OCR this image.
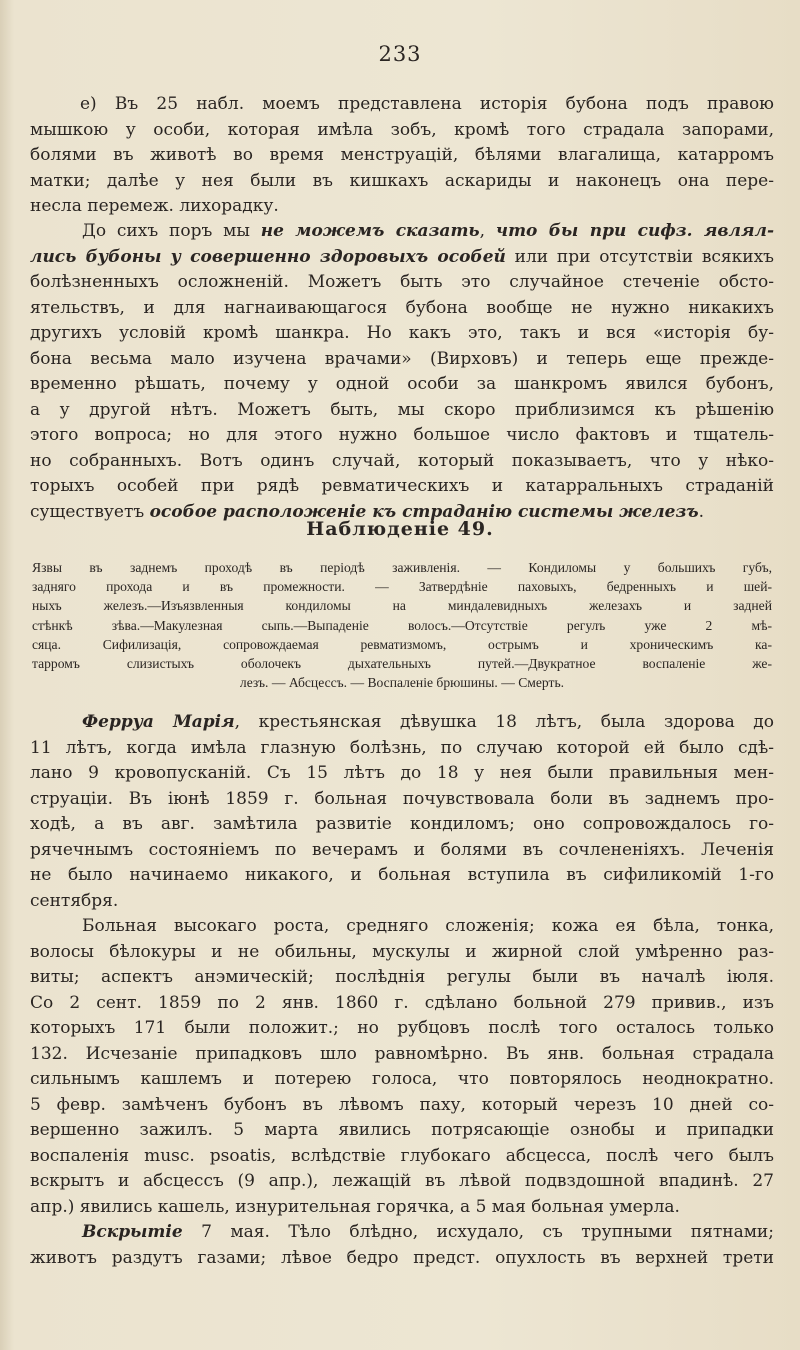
233
е) Въ 25 набл. моемъ представлена исторія бубона подъ правою
мышкою у особи, которая имѣла зобъ, кромѣ того страдала запорами,
болями въ животѣ во время менструацій, бѣлями влагалища, катарромъ
матки; далѣе у нея были въ кишкахъ аскариды и наконецъ она пере-
несла перемеж. лихорадку.
До сихъ поръ мы не можемъ сказать, что бы при сифз. являл-
лись бубоны у совершенно здоровыхъ особей или при отсутствіи всякихъ
болѣзненныхъ осложненій. Можетъ быть это случайное стеченіе обсто-
ятельствъ, и для нагнаивающагося бубона вообще не нужно никакихъ
другихъ условій кромѣ шанкра. Но какъ это, такъ и вся «исторія бу-
бона весьма мало изучена врачами» (Вирховъ) и теперь еще прежде-
временно рѣшать, почему у одной особи за шанкромъ явился бубонъ,
а у другой нѣтъ. Можетъ быть, мы скоро приблизимся къ рѣшенію
этого вопроса; но для этого нужно большое число фактовъ и тщатель-
но собранныхъ. Вотъ одинъ случай, который показываетъ, что у нѣко-
торыхъ особей при рядѣ ревматическихъ и катарральныхъ страданій
существуетъ особое расположеніе къ страданію системы железъ.
Наблюденіе 49.
Язвы въ заднемъ проходѣ въ періодѣ заживленія. — Кондиломы у большихъ губъ,
задняго прохода и въ промежности. — Затвердѣніе паховыхъ, бедренныхъ и шей-
ныхъ железъ.—Изъязвленныя кондиломы на миндалевидныхъ железахъ и задней
стѣнкѣ зѣва.—Макулезная сыпь.—Выпаденіе волосъ.—Отсутствіе регулъ уже 2 мѣ-
сяца. Сифилизація, сопровождаемая ревматизмомъ, острымъ и хроническимъ ка-
тарромъ слизистыхъ оболочекъ дыхательныхъ путей.—Двукратное воспаленіе же-
лезъ. — Абсцессъ. — Воспаленіе брюшины. — Смерть.
Ферруа Марія, крестьянская дѣвушка 18 лѣтъ, была здорова до
11 лѣтъ, когда имѣла глазную болѣзнь, по случаю которой ей было сдѣ-
лано 9 кровопусканій. Съ 15 лѣтъ до 18 у нея были правильныя мен-
струаціи. Въ іюнѣ 1859 г. больная почувствовала боли въ заднемъ про-
ходѣ, а въ авг. замѣтила развитіе кондиломъ; оно сопровождалось го-
рячечнымъ состояніемъ по вечерамъ и болями въ сочлененіяхъ. Леченія
не было начинаемо никакого, и больная вступила въ сифиликомій 1-го
сентября.
Больная высокаго роста, средняго сложенія; кожа ея бѣла, тонка,
волосы бѣлокуры и не обильны, мускулы и жирной слой умѣренно раз-
виты; аспектъ анэмическій; послѣднія регулы были въ началѣ іюля.
Со 2 сент. 1859 по 2 янв. 1860 г. сдѣлано больной 279 привив., изъ
которыхъ 171 были положит.; но рубцовъ послѣ того осталось только
132. Исчезаніе припадковъ шло равномѣрно. Въ янв. больная страдала
сильнымъ кашлемъ и потерею голоса, что повторялось неоднократно.
5 февр. замѣченъ бубонъ въ лѣвомъ паху, который черезъ 10 дней со-
вершенно зажилъ. 5 марта явились потрясающіе ознобы и припадки
воспаленія musc. psoatis, вслѣдствіе глубокаго абсцесса, послѣ чего былъ
вскрытъ и абсцессъ (9 апр.), лежащій въ лѣвой подвздошной впадинѣ. 27
апр.) явились кашель, изнурительная горячка, а 5 мая больная умерла.
Вскрытіе 7 мая. Тѣло блѣдно, исхудало, съ трупными пятнами;
животъ раздутъ газами; лѣвое бедро предст. опухлость въ верхней трети
